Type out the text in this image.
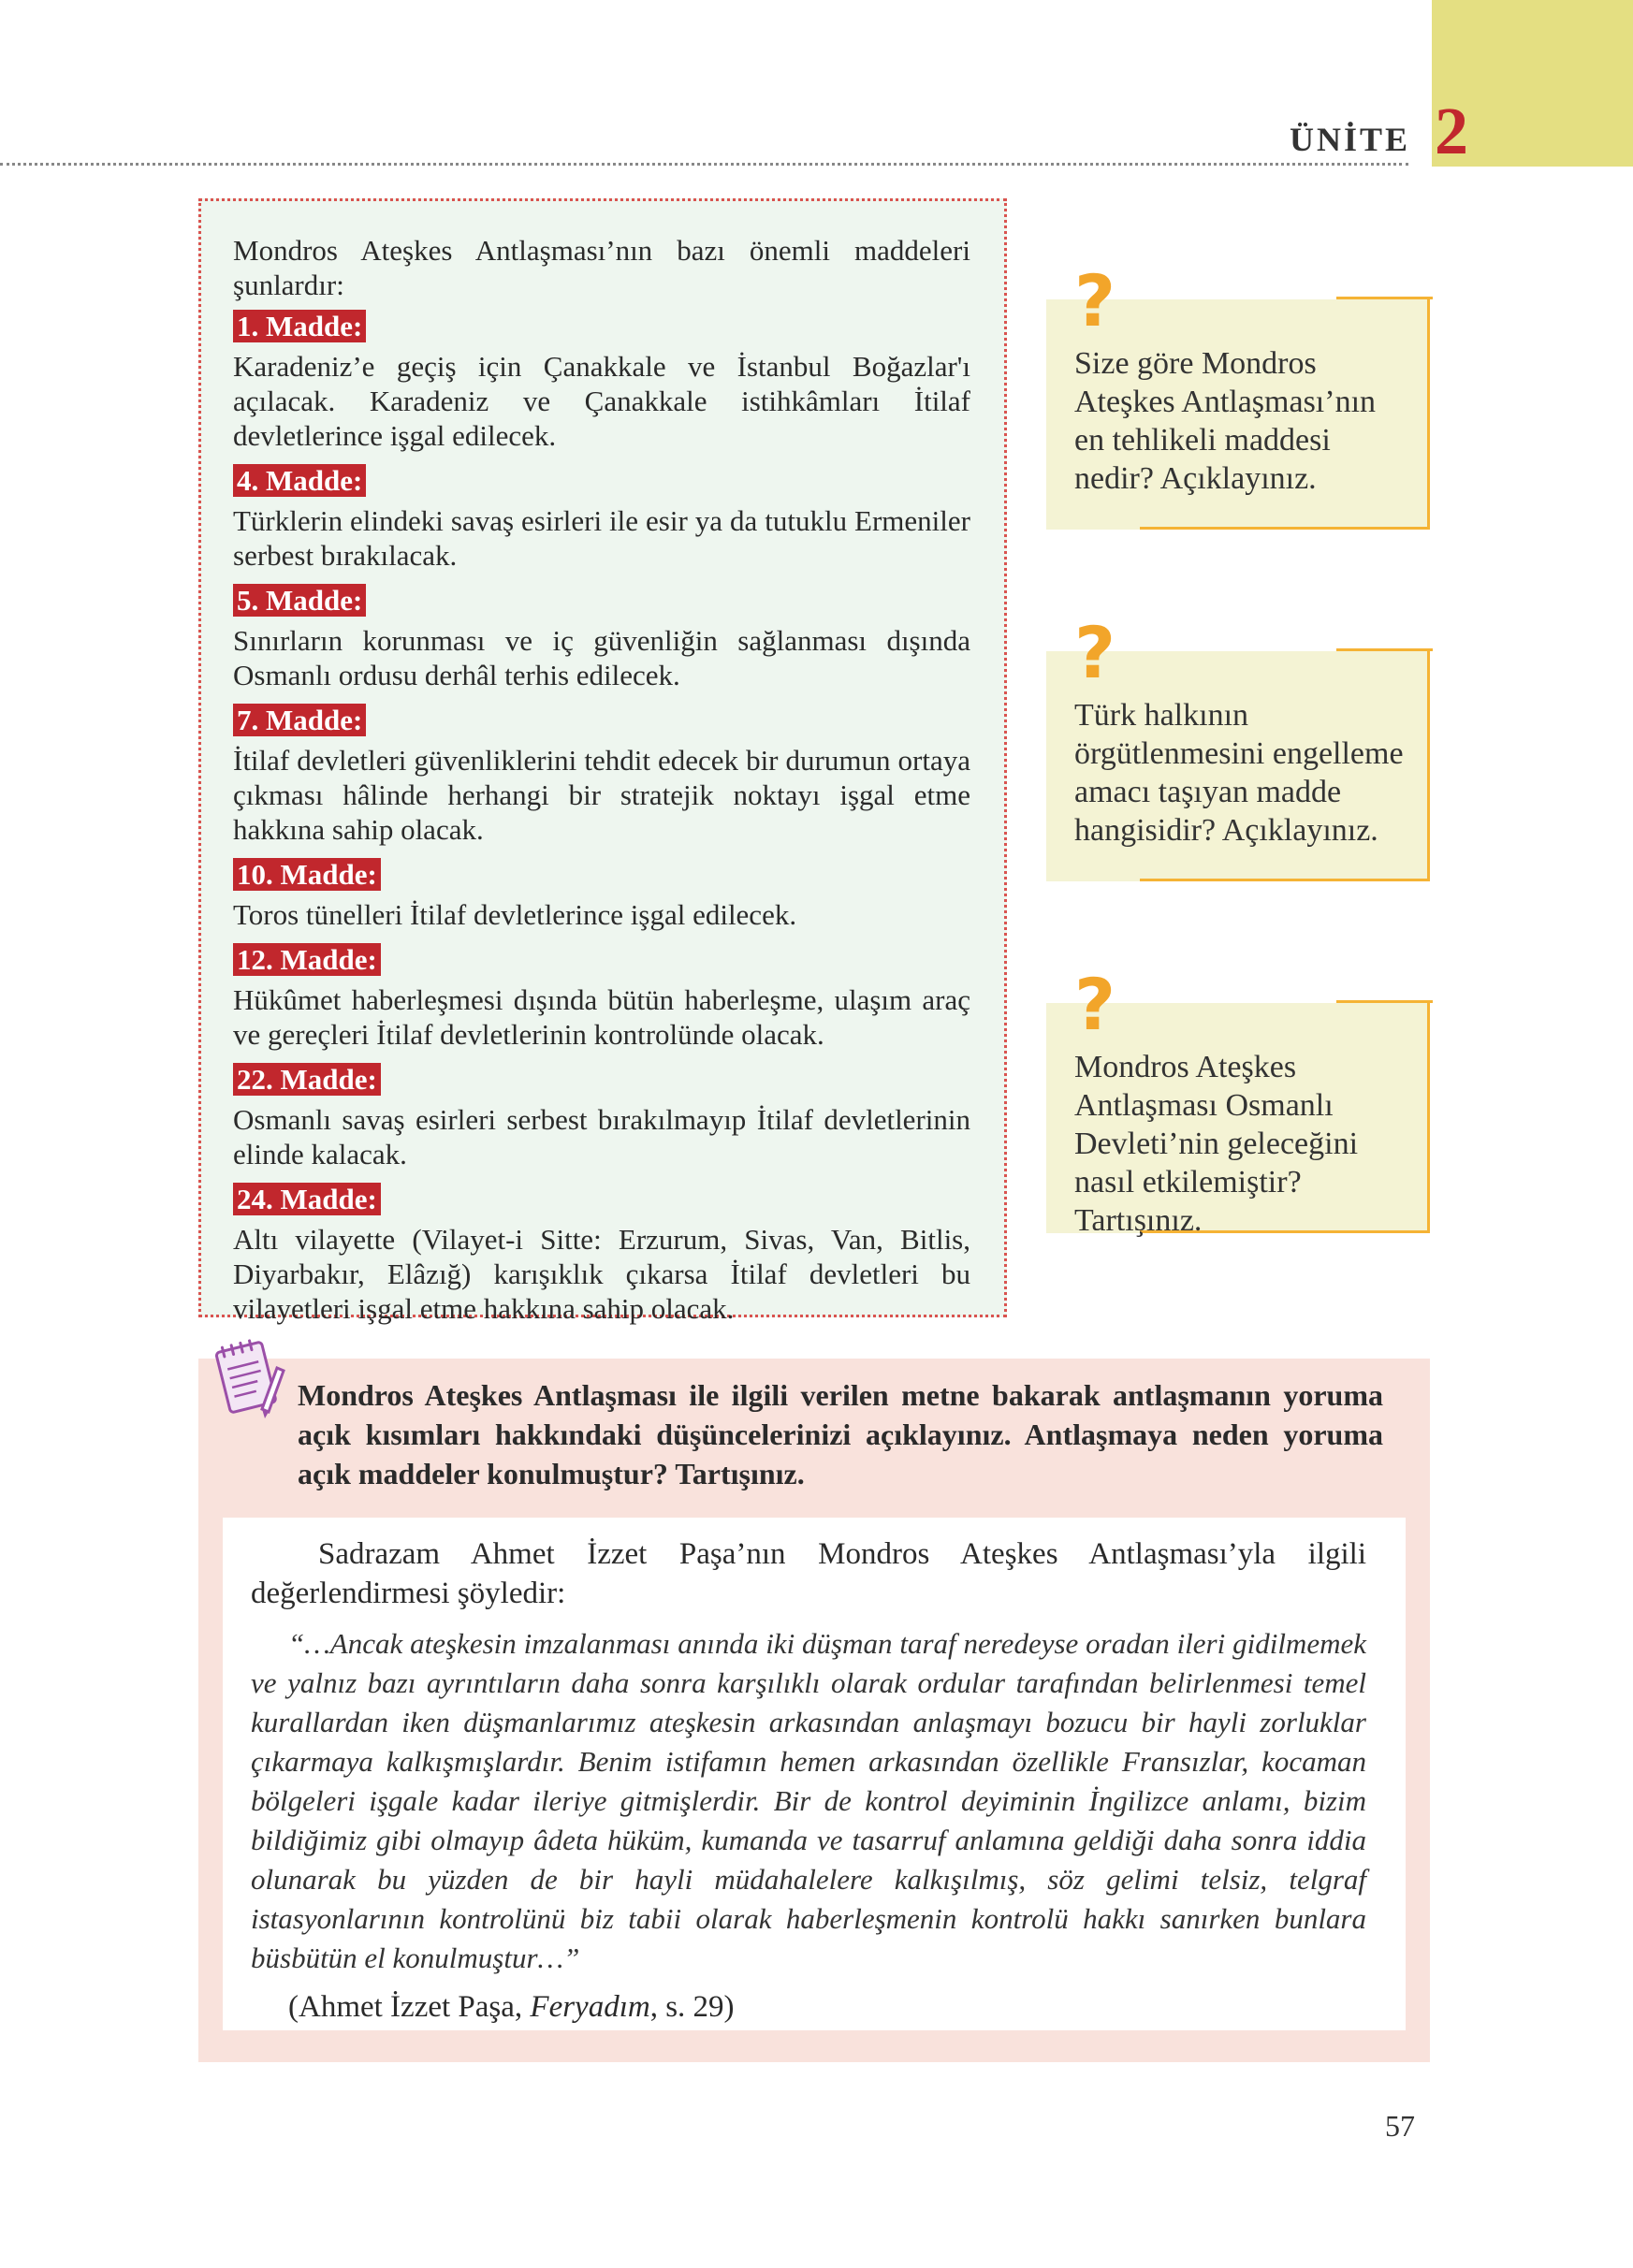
ÜNİTE 2

Mondros Ateşkes Antlaşması’nın bazı önemli maddeleri şunlardır:

1. Madde:

Karadeniz’e geçiş için Çanakkale ve İstanbul Boğazlar'ı açılacak. Karadeniz ve Çanakkale istihkâmları İtilaf devletlerince işgal edilecek.

4. Madde:

Türklerin elindeki savaş esirleri ile esir ya da tutuklu Ermeniler serbest bırakılacak.

5. Madde:

Sınırların korunması ve iç güvenliğin sağlanması dışında Osmanlı ordusu derhâl terhis edilecek.

7. Madde:

İtilaf devletleri güvenliklerini tehdit edecek bir durumun ortaya çıkması hâlinde herhangi bir stratejik noktayı işgal etme hakkına sahip olacak.

10. Madde:

Toros tünelleri İtilaf devletlerince işgal edilecek.

12. Madde:

Hükûmet haberleşmesi dışında bütün haberleşme, ulaşım araç ve gereçleri İtilaf devletlerinin kontrolünde olacak.

22. Madde:

Osmanlı savaş esirleri serbest bırakılmayıp İtilaf devletlerinin elinde kalacak.

24. Madde:

Altı vilayette (Vilayet-i Sitte: Erzurum, Sivas, Van, Bitlis, Diyarbakır, Elâzığ) karışıklık çıkarsa İtilaf devletleri bu vilayetleri işgal etme hakkına sahip olacak.

?
Size göre Mondros Ateşkes Antlaşması’nın en tehlikeli maddesi nedir? Açıklayınız.
?
Türk halkının örgütlenmesini engelleme amacı taşıyan madde hangisidir? Açıklayınız.
?
Mondros Ateşkes Antlaşması Osmanlı Devleti’nin geleceğini nasıl etkilemiştir? Tartışınız.
Mondros Ateşkes Antlaşması ile ilgili verilen metne bakarak antlaşmanın yoruma açık kısımları hakkındaki düşüncelerinizi açıklayınız. Antlaşmaya neden yoruma açık maddeler konulmuştur? Tartışınız.

Sadrazam Ahmet İzzet Paşa’nın Mondros Ateşkes Antlaşması’yla ilgili değerlendirmesi şöyledir:

“…Ancak ateşkesin imzalanması anında iki düşman taraf neredeyse oradan ileri gidilmemek ve yalnız bazı ayrıntıların daha sonra karşılıklı olarak ordular tarafından belirlenmesi temel kurallardan iken düşmanlarımız ateşkesin arkasından anlaşmayı bozucu bir hayli zorluklar çıkarmaya kalkışmışlardır. Benim istifamın hemen arkasından özellikle Fransızlar, kocaman bölgeleri işgale kadar ileriye gitmişlerdir. Bir de kontrol deyiminin İngilizce anlamı, bizim bildiğimiz gibi olmayıp âdeta hüküm, kumanda ve tasarruf anlamına geldiği daha sonra iddia olunarak bu yüzden de bir hayli müdahalelere kalkışılmış, söz gelimi telsiz, telgraf istasyonlarının kontrolünü biz tabii olarak haberleşmenin kontrolü hakkı sanırken bunlara büsbütün el konulmuştur…”

(Ahmet İzzet Paşa, Feryadım, s. 29)

57
